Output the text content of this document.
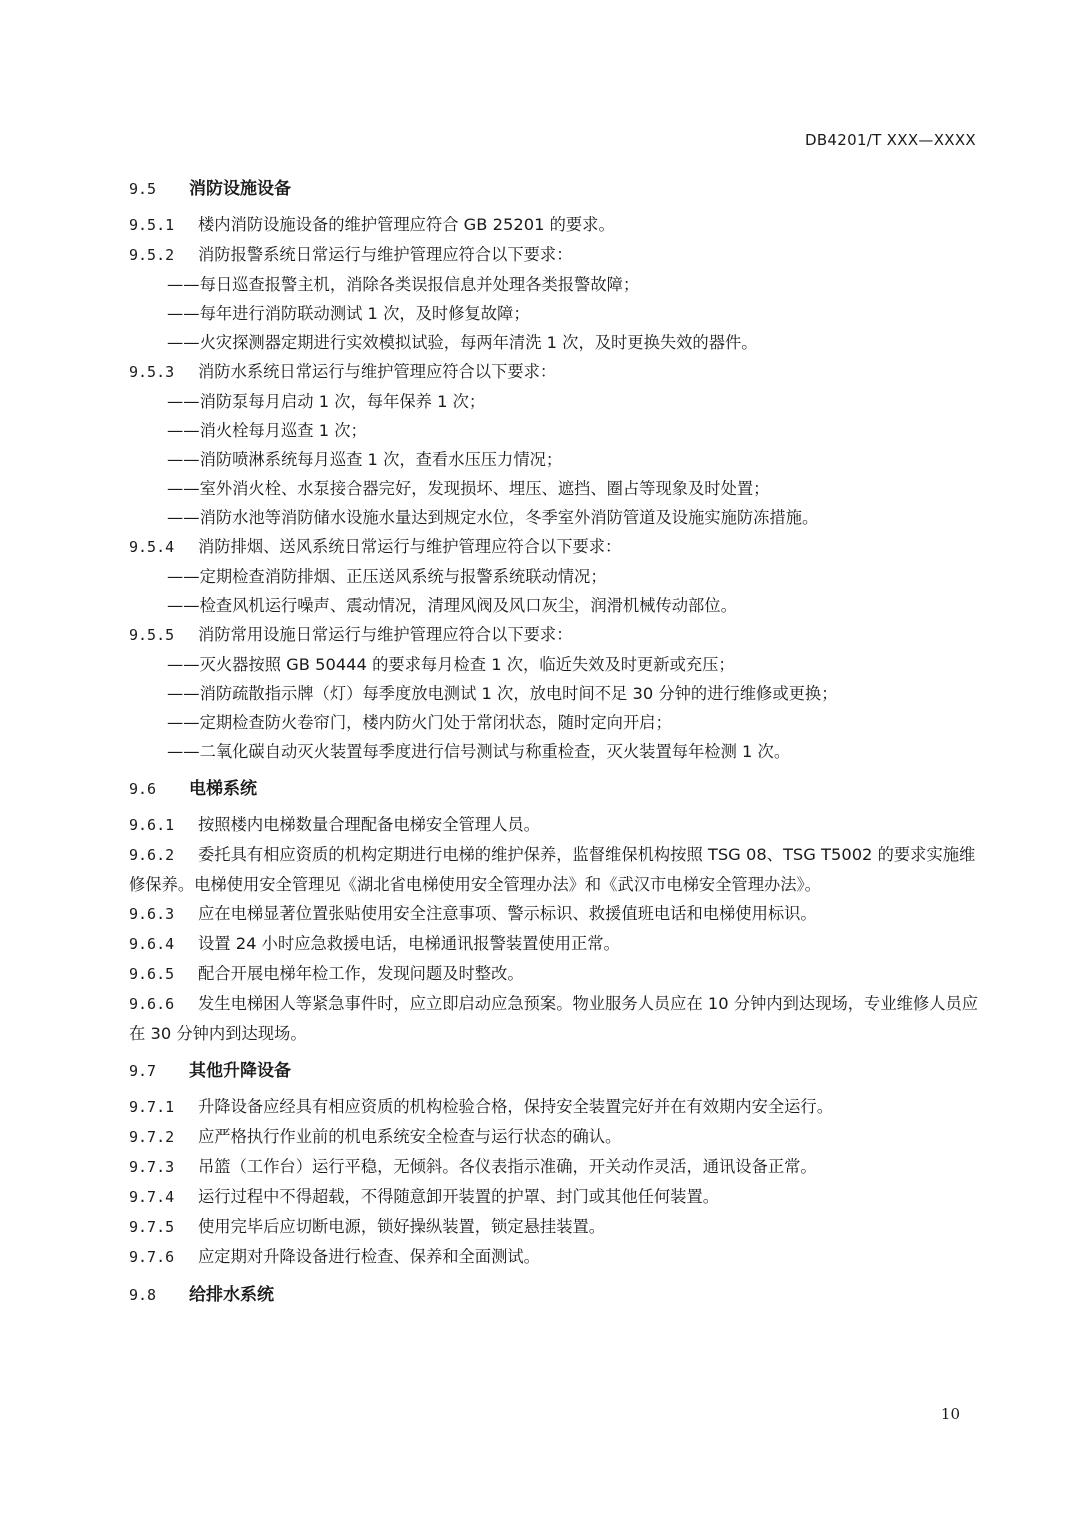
DB4201/T XXX—XXXX
9.5 消防设施设备
9.5.1 楼内消防设施设备的维护管理应符合 GB 25201 的要求。
9.5.2 消防报警系统日常运行与维护管理应符合以下要求：
——每日巡查报警主机，消除各类误报信息并处理各类报警故障；
——每年进行消防联动测试 1 次，及时修复故障；
——火灾探测器定期进行实效模拟试验，每两年清洗 1 次，及时更换失效的器件。
9.5.3 消防水系统日常运行与维护管理应符合以下要求：
——消防泵每月启动 1 次，每年保养 1 次；
——消火栓每月巡查 1 次；
——消防喷淋系统每月巡查 1 次，查看水压压力情况；
——室外消火栓、水泵接合器完好，发现损坏、埋压、遮挡、圈占等现象及时处置；
——消防水池等消防储水设施水量达到规定水位，冬季室外消防管道及设施实施防冻措施。
9.5.4 消防排烟、送风系统日常运行与维护管理应符合以下要求：
——定期检查消防排烟、正压送风系统与报警系统联动情况；
——检查风机运行噪声、震动情况，清理风阀及风口灰尘，润滑机械传动部位。
9.5.5 消防常用设施日常运行与维护管理应符合以下要求：
——灭火器按照 GB 50444 的要求每月检查 1 次，临近失效及时更新或充压；
——消防疏散指示牌（灯）每季度放电测试 1 次，放电时间不足 30 分钟的进行维修或更换；
——定期检查防火卷帘门，楼内防火门处于常闭状态，随时定向开启；
——二氧化碳自动灭火装置每季度进行信号测试与称重检查，灭火装置每年检测 1 次。
9.6 电梯系统
9.6.1 按照楼内电梯数量合理配备电梯安全管理人员。
9.6.2 委托具有相应资质的机构定期进行电梯的维护保养，监督维保机构按照 TSG 08、TSG T5002 的要求实施维修保养。电梯使用安全管理见《湖北省电梯使用安全管理办法》和《武汉市电梯安全管理办法》。
9.6.3 应在电梯显著位置张贴使用安全注意事项、警示标识、救援值班电话和电梯使用标识。
9.6.4 设置 24 小时应急救援电话，电梯通讯报警装置使用正常。
9.6.5 配合开展电梯年检工作，发现问题及时整改。
9.6.6 发生电梯困人等紧急事件时，应立即启动应急预案。物业服务人员应在 10 分钟内到达现场，专业维修人员应在 30 分钟内到达现场。
9.7 其他升降设备
9.7.1 升降设备应经具有相应资质的机构检验合格，保持安全装置完好并在有效期内安全运行。
9.7.2 应严格执行作业前的机电系统安全检查与运行状态的确认。
9.7.3 吊篮（工作台）运行平稳，无倾斜。各仪表指示准确，开关动作灵活，通讯设备正常。
9.7.4 运行过程中不得超载，不得随意卸开装置的护罩、封门或其他任何装置。
9.7.5 使用完毕后应切断电源，锁好操纵装置，锁定悬挂装置。
9.7.6 应定期对升降设备进行检查、保养和全面测试。
9.8 给排水系统
10
